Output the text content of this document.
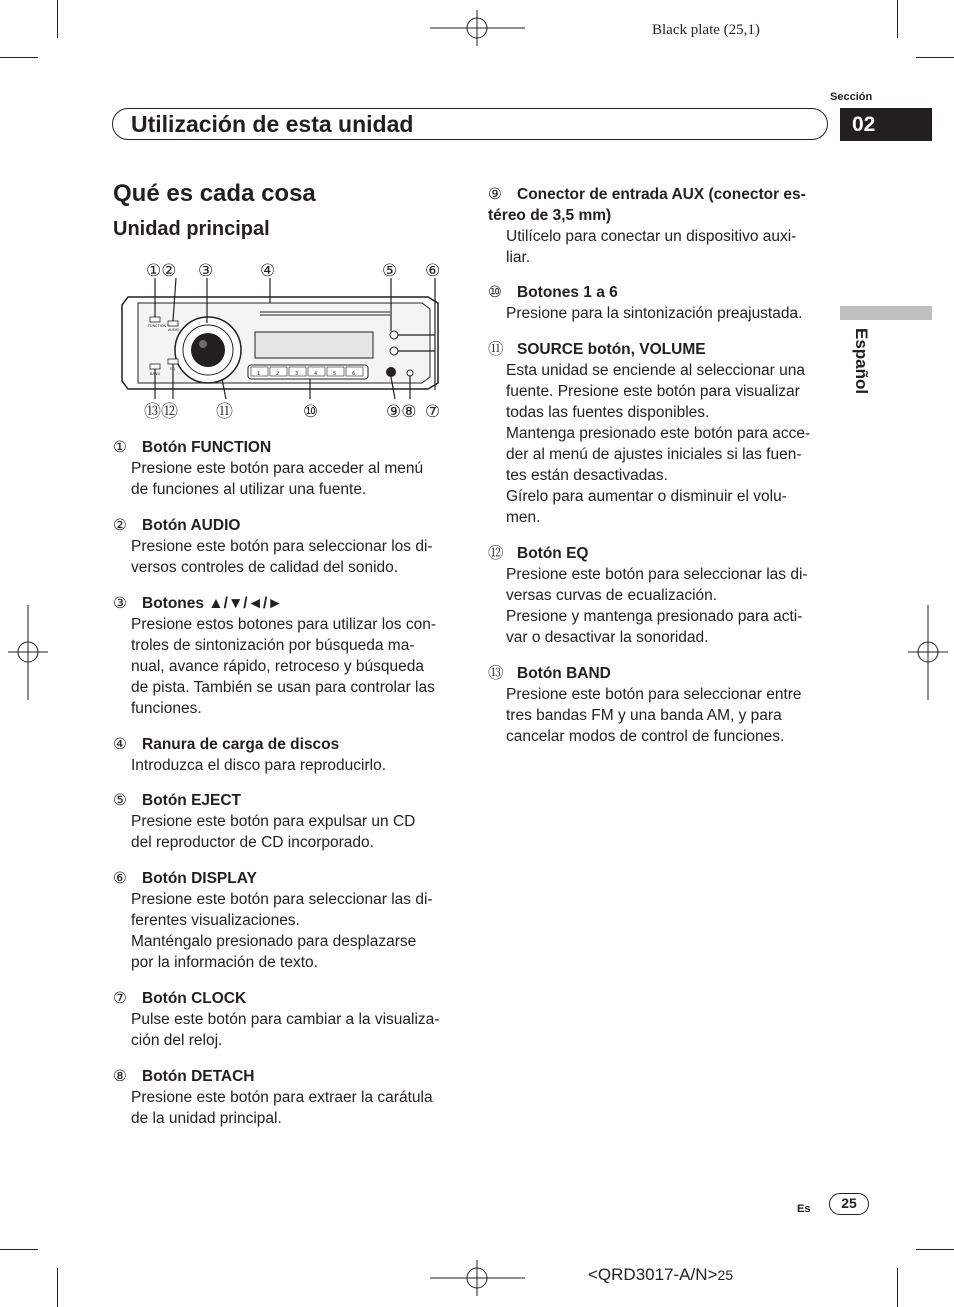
Black plate (25,1)
Sección
Utilización de esta unidad	02
Español
Qué es cada cosa
Unidad principal
①② ③	④	⑤ ⑥
⑬⑫ ⑪	⑩	⑨⑧ ⑦
FUNCTION
AUDIO
BAND
EQ
1	2	3	4	5	6
① Botón FUNCTION
Presione este botón para acceder al menú
de funciones al utilizar una fuente.
② Botón AUDIO
Presione este botón para seleccionar los di-
versos controles de calidad del sonido.
③ Botones ▲/▼/◄/►
Presione estos botones para utilizar los con-
troles de sintonización por búsqueda ma-
nual, avance rápido, retroceso y búsqueda
de pista. También se usan para controlar las
funciones.
④ Ranura de carga de discos
Introduzca el disco para reproducirlo.
⑤ Botón EJECT
Presione este botón para expulsar un CD
del reproductor de CD incorporado.
⑥ Botón DISPLAY
Presione este botón para seleccionar las di-
ferentes visualizaciones.
Manténgalo presionado para desplazarse
por la información de texto.
⑦ Botón CLOCK
Pulse este botón para cambiar a la visualiza-
ción del reloj.
⑧ Botón DETACH
Presione este botón para extraer la carátula
de la unidad principal.
⑨ Conector de entrada AUX (conector es-
téreo de 3,5 mm)
Utilícelo para conectar un dispositivo auxi-
liar.
⑩ Botones 1 a 6
Presione para la sintonización preajustada.
⑪ SOURCE botón, VOLUME
Esta unidad se enciende al seleccionar una
fuente. Presione este botón para visualizar
todas las fuentes disponibles.
Mantenga presionado este botón para acce-
der al menú de ajustes iniciales si las fuen-
tes están desactivadas.
Gírelo para aumentar o disminuir el volu-
men.
⑫ Botón EQ
Presione este botón para seleccionar las di-
versas curvas de ecualización.
Presione y mantenga presionado para acti-
var o desactivar la sonoridad.
⑬ Botón BAND
Presione este botón para seleccionar entre
tres bandas FM y una banda AM, y para
cancelar modos de control de funciones.
Es	25
<QRD3017-A/N>25
